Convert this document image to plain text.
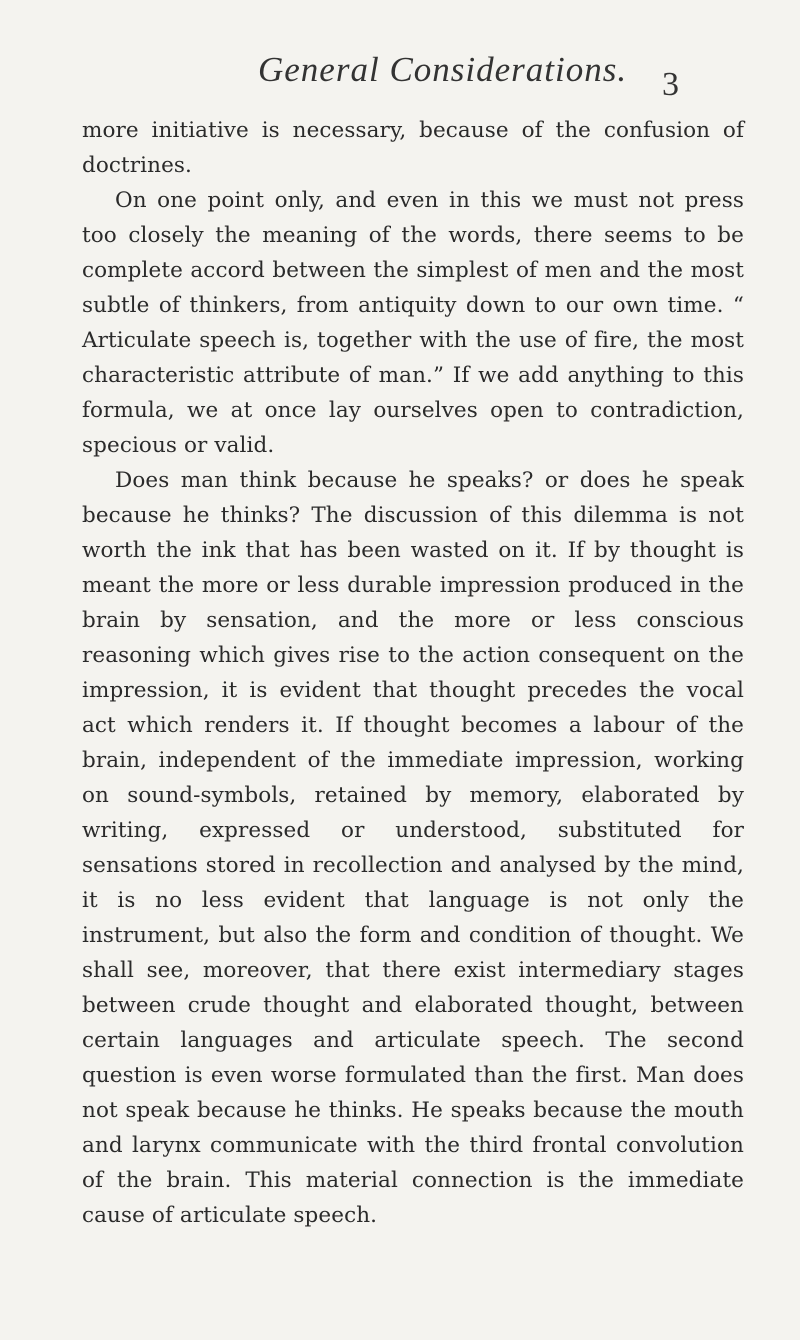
General Considerations. 3

more initiative is necessary, because of the confusion of doctrines.

On one point only, and even in this we must not press too closely the meaning of the words, there seems to be complete accord between the simplest of men and the most subtle of thinkers, from antiquity down to our own time. “ Articulate speech is, together with the use of fire, the most characteristic attribute of man.” If we add anything to this formula, we at once lay ourselves open to contradiction, specious or valid.

Does man think because he speaks? or does he speak because he thinks? The discussion of this dilemma is not worth the ink that has been wasted on it. If by thought is meant the more or less durable impression produced in the brain by sensation, and the more or less conscious reasoning which gives rise to the action consequent on the impression, it is evident that thought precedes the vocal act which renders it. If thought becomes a labour of the brain, independent of the immediate impression, working on sound-symbols, retained by memory, elaborated by writing, expressed or understood, substituted for sensations stored in recollection and analysed by the mind, it is no less evident that language is not only the instrument, but also the form and condition of thought. We shall see, moreover, that there exist intermediary stages between crude thought and elaborated thought, between certain languages and articulate speech. The second question is even worse formulated than the first. Man does not speak because he thinks. He speaks because the mouth and larynx communicate with the third frontal convolution of the brain. This material connection is the immediate cause of articulate speech.
